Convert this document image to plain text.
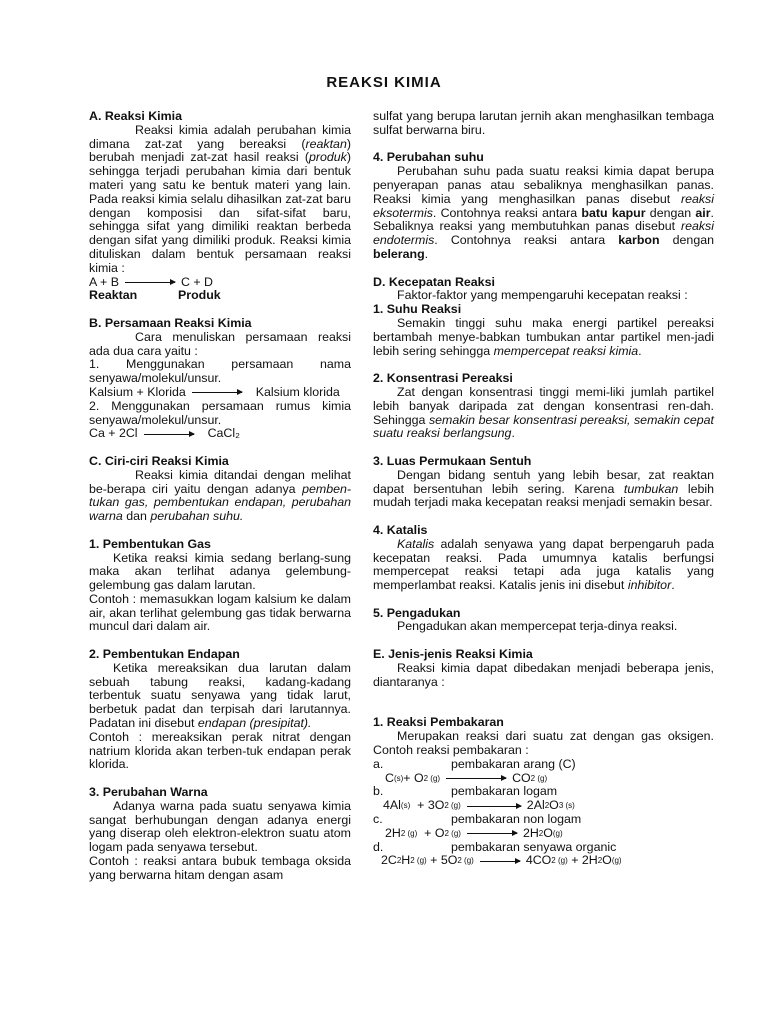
REAKSI KIMIA

A. Reaksi Kimia

Reaksi kimia adalah perubahan kimia dimana zat-zat yang bereaksi (reaktan) berubah menjadi zat-zat hasil reaksi (produk) sehingga terjadi perubahan kimia dari bentuk materi yang satu ke bentuk materi yang lain. Pada reaksi kimia selalu dihasilkan zat-zat baru dengan komposisi dan sifat-sifat baru, sehingga sifat yang dimiliki reaktan berbeda dengan sifat yang dimiliki produk. Reaksi kimia dituliskan dalam bentuk persamaan reaksi kimia :

A + B	C + D
Reaktan	Produk

B. Persamaan Reaksi Kimia

Cara menuliskan persamaan reaksi ada dua cara yaitu :

1. Menggunakan persamaan nama senyawa/molekul/unsur.

Kalsium + Klorida	Kalsium klorida

2. Menggunakan persamaan rumus kimia senyawa/molekul/unsur.

Ca + 2Cl	CaCl₂

C. Ciri-ciri Reaksi Kimia

Reaksi kimia ditandai dengan melihat be-berapa ciri yaitu dengan adanya pemben-tukan gas, pembentukan endapan, perubahan warna dan perubahan suhu.

1. Pembentukan Gas

Ketika reaksi kimia sedang berlang-sung maka akan terlihat adanya gelembung-gelembung gas dalam larutan.

Contoh : memasukkan logam kalsium ke dalam air, akan terlihat gelembung gas tidak berwarna muncul dari dalam air.

2. Pembentukan Endapan

Ketika mereaksikan dua larutan dalam sebuah tabung reaksi, kadang-kadang terbentuk suatu senyawa yang tidak larut, berbetuk padat dan terpisah dari larutannya. Padatan ini disebut endapan (presipitat).

Contoh : mereaksikan perak nitrat dengan natrium klorida akan terben-tuk endapan perak klorida.

3. Perubahan Warna

Adanya warna pada suatu senyawa kimia sangat berhubungan dengan adanya energi yang diserap oleh elektron-elektron suatu atom logam pada senyawa tersebut.

Contoh : reaksi antara bubuk tembaga oksida yang berwarna hitam dengan asam

sulfat yang berupa larutan jernih akan menghasilkan tembaga sulfat berwarna biru.

4. Perubahan suhu

Perubahan suhu pada suatu reaksi kimia dapat berupa penyerapan panas atau sebaliknya menghasilkan panas. Reaksi kimia yang menghasilkan panas disebut reaksi eksotermis. Contohnya reaksi antara batu kapur dengan air. Sebaliknya reaksi yang membutuhkan panas disebut reaksi endotermis. Contohnya reaksi antara karbon dengan belerang.

D. Kecepatan Reaksi

Faktor-faktor yang mempengaruhi kecepatan reaksi :

1. Suhu Reaksi

Semakin tinggi suhu maka energi partikel pereaksi bertambah menye-babkan tumbukan antar partikel men-jadi lebih sering sehingga mempercepat reaksi kimia.

2. Konsentrasi Pereaksi

Zat dengan konsentrasi tinggi memi-liki jumlah partikel lebih banyak daripada zat dengan konsentrasi ren-dah. Sehingga semakin besar konsentrasi pereaksi, semakin cepat suatu reaksi berlangsung.

3. Luas Permukaan Sentuh

Dengan bidang sentuh yang lebih besar, zat reaktan dapat bersentuhan lebih sering. Karena tumbukan lebih mudah terjadi maka kecepatan reaksi menjadi semakin besar.

4. Katalis

Katalis adalah senyawa yang dapat berpengaruh pada kecepatan reaksi. Pada umumnya katalis berfungsi mempercepat reaksi tetapi ada juga katalis yang memperlambat reaksi. Katalis jenis ini disebut inhibitor.

5. Pengadukan

Pengadukan akan mempercepat terja-dinya reaksi.

E. Jenis-jenis Reaksi Kimia

Reaksi kimia dapat dibedakan menjadi beberapa jenis, diantaranya :

1. Reaksi Pembakaran

Merupakan reaksi dari suatu zat dengan gas oksigen. Contoh reaksi pembakaran :

a.	pembakaran arang (C)
C (s) + O 2 (g)	CO 2 (g)
b.	pembakaran logam
4Al (s) + 3O 2 (g)	2Al 2 O 3 (s)
c.	pembakaran non logam
2H 2 (g) + O 2 (g)	2H 2 O (g)
d.	pembakaran senyawa organic
2C 2 H 2 (g) + 5O 2 (g) → 4CO 2 (g) + 2H 2 O (g)
